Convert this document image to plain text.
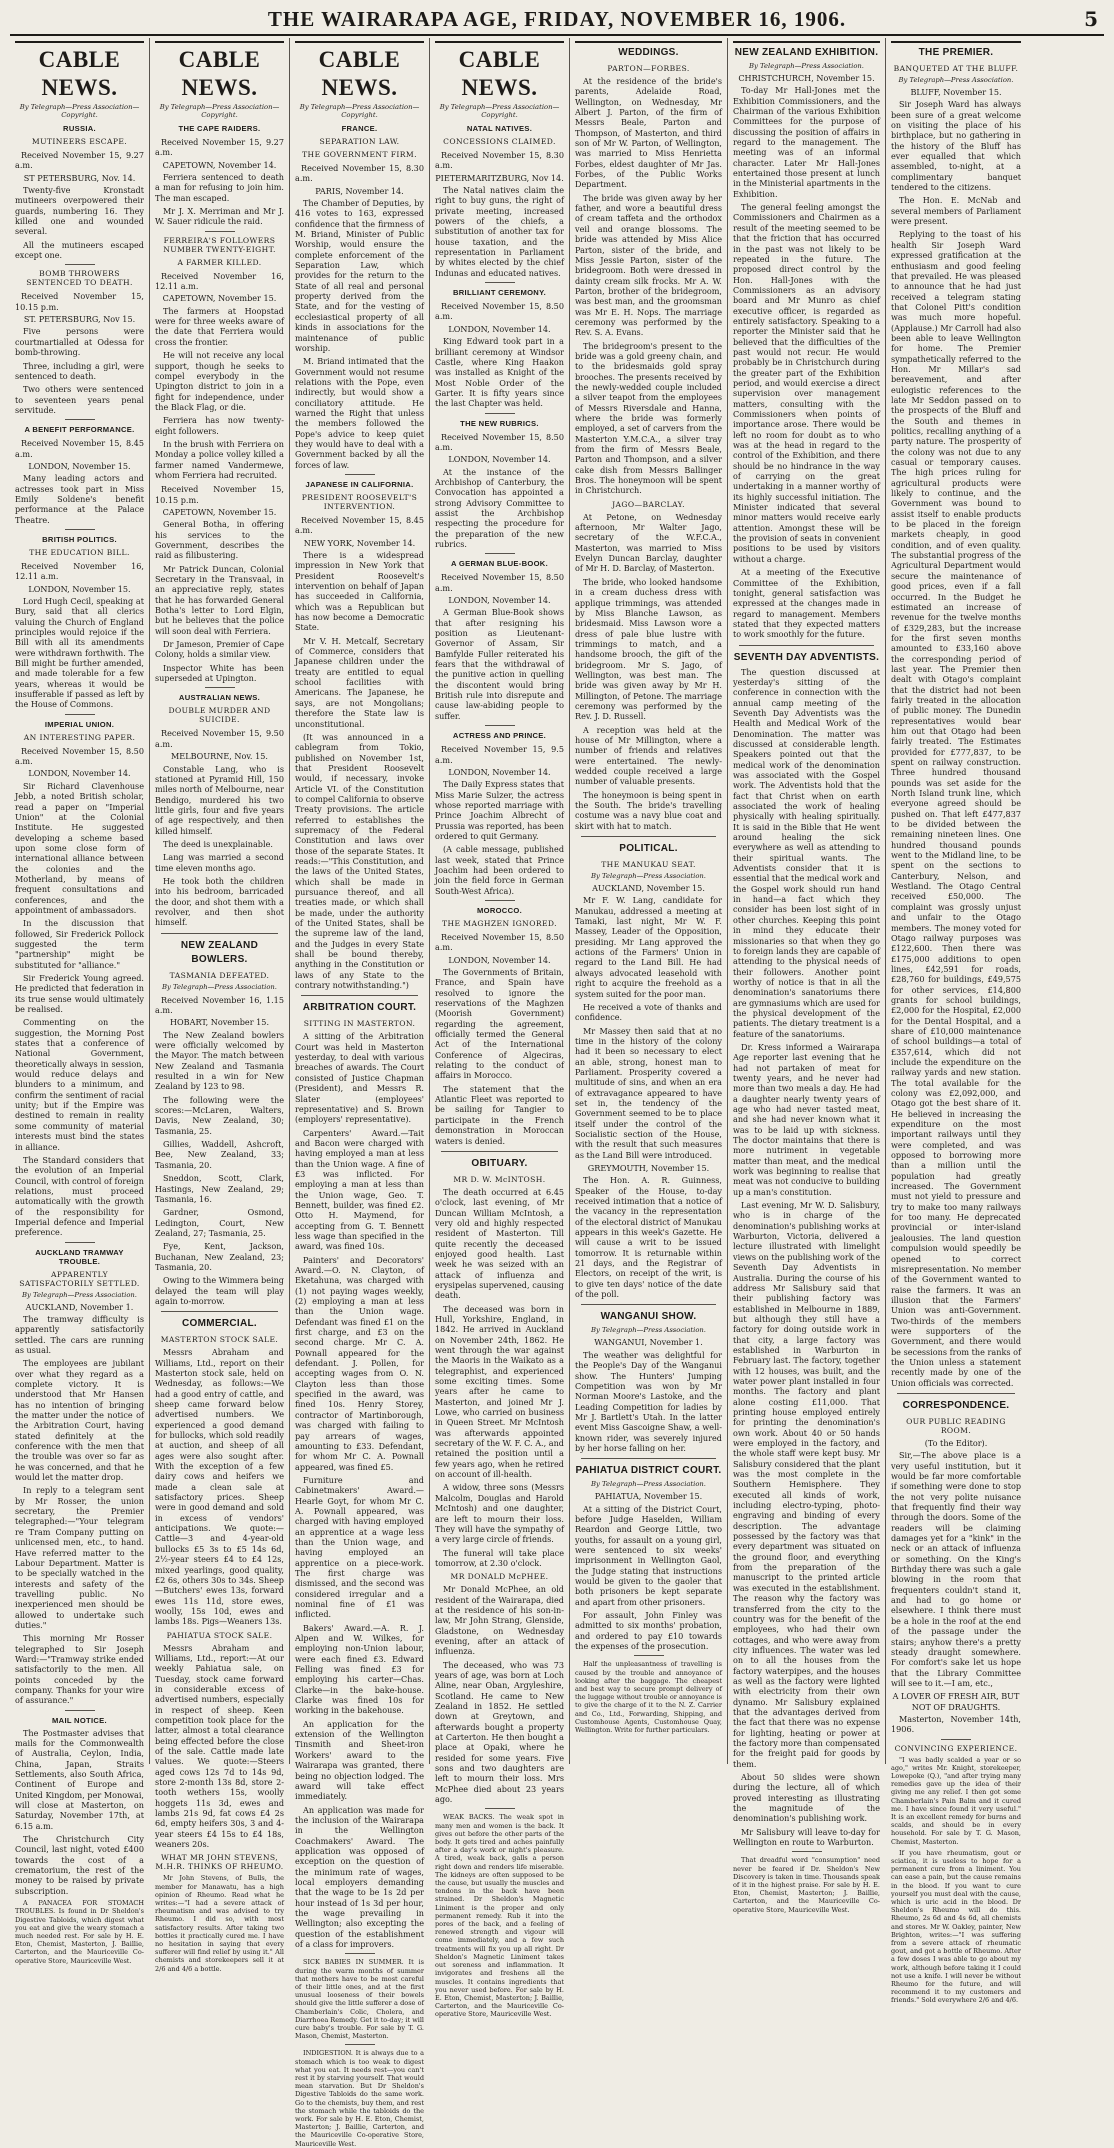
THE WAIRARAPA AGE, FRIDAY, NOVEMBER 16, 1906.	5
CABLE NEWS.
By Telegraph—Press Association—Copyright.
RUSSIA.
MUTINEERS ESCAPE.

Received November 15, 9.27 a.m.

ST PETERSBURG, Nov. 14.

Twenty-five Kronstadt mutineers overpowered their guards, numbering 16. They killed one and wounded several.

All the mutineers escaped except one.

BOMB THROWERS SENTENCED TO DEATH.

Received November 15, 10.15 p.m.

ST. PETERSBURG, Nov 15.

Five persons were courtmartialled at Odessa for bomb-throwing.

Three, including a girl, were sentenced to death.

Two others were sentenced to seventeen years penal servitude.

A BENEFIT PERFORMANCE.

Received November 15, 8.45 a.m.

LONDON, November 15.

Many leading actors and actresses took part in Miss Emily Soldene's benefit performance at the Palace Theatre.

BRITISH POLITICS.
THE EDUCATION BILL.

Received November 16, 12.11 a.m.

LONDON, November 15.

Lord Hugh Cecil, speaking at Bury, said that all clerics valuing the Church of England principles would rejoice if the Bill with all its amendments were withdrawn forthwith. The Bill might be further amended, and made tolerable for a few years, whereas it would be insufferable if passed as left by the House of Commons.

IMPERIAL UNION.
AN INTERESTING PAPER.

Received November 15, 8.50 a.m.

LONDON, November 14.

Sir Richard Clavenhouse Jebb, a noted British scholar, read a paper on "Imperial Union" at the Colonial Institute. He suggested developing a scheme based upon some close form of international alliance between the colonies and the Motherland, by means of frequent consultations and conferences, and the appointment of ambassadors.

In the discussion that followed, Sir Frederick Pollock suggested the term "partnership" might be substituted for "alliance."

Sir Frederick Young agreed. He predicted that federation in its true sense would ultimately be realised.

Commenting on the suggestion, the Morning Post states that a conference of National Government, theoretically always in session, would reduce delays and blunders to a minimum, and confirm the sentiment of racial unity; but if the Empire was destined to remain in reality some community of material interests must bind the states in alliance.

The Standard considers that the evolution of an Imperial Council, with control of foreign relations, must proceed automatically with the growth of the responsibility for Imperial defence and Imperial preference.

AUCKLAND TRAMWAY TROUBLE.
APPARENTLY SATISFACTORILY SETTLED.
By Telegraph—Press Association.

AUCKLAND, November 1.

The tramway difficulty is apparently satisfactorily settled. The cars are running as usual.

The employees are jubilant over what they regard as a complete victory. It is understood that Mr Hansen has no intention of bringing the matter under the notice of the Arbitration Court, having stated definitely at the conference with the men that the trouble was over so far as he was concerned, and that he would let the matter drop.

In reply to a telegram sent by Mr Rosser, the union secretary, the Premier telegraphed:—"Your telegram re Tram Company putting on unlicensed men, etc., to hand. Have referred matter to the Labour Department. Matter is to be specially watched in the interests and safety of the travelling public. No inexperienced men should be allowed to undertake such duties."

This morning Mr Rosser telegraphed to Sir Joseph Ward:—"Tramway strike ended satisfactorily to the men. All points conceded by the company. Thanks for your wire of assurance."

MAIL NOTICE.

The Postmaster advises that mails for the Commonwealth of Australia, Ceylon, India, China, Japan, Straits Settlements, also South Africa, Continent of Europe and United Kingdom, per Monowai, will close at Masterton, on Saturday, November 17th, at 6.15 a.m.

The Christchurch City Council, last night, voted £400 towards the cost of a crematorium, the rest of the money to be raised by private subscription.

A PANACEA FOR STOMACH TROUBLES. Is found in Dr Sheldon's Digestive Tabloids, which digest what you eat and give the weary stomach a much needed rest. For sale by H. E. Eton, Chemist, Masterton, J. Baillie, Carterton, and the Mauriceville Co-operative Store, Mauriceville West.

CABLE NEWS.
By Telegraph—Press Association—Copyright.
THE CAPE RAIDERS.

Received November 15, 9.27 a.m.

CAPETOWN, November 14.

Ferriera sentenced to death a man for refusing to join him. The man escaped.

Mr J. X. Merriman and Mr J. W. Sauer ridicule the raid.

FERREIRA'S FOLLOWERS NUMBER TWENTY-EIGHT.
A FARMER KILLED.

Received November 16, 12.11 a.m.

CAPETOWN, November 15.

The farmers at Hoopstad were for three weeks aware of the date that Ferriera would cross the frontier.

He will not receive any local support, though he seeks to compel everybody in the Upington district to join in a fight for independence, under the Black Flag, or die.

Ferriera has now twenty-eight followers.

In the brush with Ferriera on Monday a police volley killed a farmer named Vandermewe, whom Ferriera had recruited.

Received November 15, 10.15 p.m.

CAPETOWN, November 15.

General Botha, in offering his services to the Government, describes the raid as filibustering.

Mr Patrick Duncan, Colonial Secretary in the Transvaal, in an appreciative reply, states that he has forwarded General Botha's letter to Lord Elgin, but he believes that the police will soon deal with Ferriera.

Dr Jameson, Premier of Cape Colony, holds a similar view.

Inspector White has been superseded at Upington.

AUSTRALIAN NEWS.
DOUBLE MURDER AND SUICIDE.

Received November 15, 9.50 a.m.

MELBOURNE, Nov. 15.

Constable Lang, who is stationed at Pyramid Hill, 150 miles north of Melbourne, near Bendigo, murdered his two little girls, four and five years of age respectively, and then killed himself.

The deed is unexplainable.

Lang was married a second time eleven months ago.

He took both the children into his bedroom, barricaded the door, and shot them with a revolver, and then shot himself.

NEW ZEALAND BOWLERS.
TASMANIA DEFEATED.
By Telegraph—Press Association.

Received November 16, 1.15 a.m.

HOBART, November 15.

The New Zealand bowlers were officially welcomed by the Mayor. The match between New Zealand and Tasmania resulted in a win for New Zealand by 123 to 98.

The following were the scores:—McLaren, Walters, Davis, New Zealand, 30; Tasmania, 25.

Gillies, Waddell, Ashcroft, Bee, New Zealand, 33; Tasmania, 20.

Sneddon, Scott, Clark, Hastings, New Zealand, 29; Tasmania, 16.

Gardner, Osmond, Ledington, Court, New Zealand, 27; Tasmania, 25.

Fye, Kent, Jackson, Buchanan, New Zealand, 23; Tasmania, 20.

Owing to the Wimmera being delayed the team will play again to-morrow.

COMMERCIAL.
MASTERTON STOCK SALE.

Messrs Abraham and Williams, Ltd., report on their Masterton stock sale, held on Wednesday, as follows:—We had a good entry of cattle, and sheep came forward below advertised numbers. We experienced a good demand for bullocks, which sold readily at auction, and sheep of all ages were also sought after. With the exception of a few dairy cows and heifers we made a clean sale at satisfactory prices. Sheep were in good demand and sold in excess of vendors' anticipations. We quote:—Cattle—3 and 4-year-old bullocks £5 3s to £5 14s 6d, 2½-year steers £4 to £4 12s, mixed yearlings, good quality, £2 6s, others 30s to 34s. Sheep—Butchers' ewes 13s, forward ewes 11s 11d, store ewes, woolly, 15s 10d, ewes and lambs 18s. Pigs—Weaners 13s.

PAHIATUA STOCK SALE.

Messrs Abraham and Williams, Ltd., report:—At our weekly Pahiatua sale, on Tuesday, stock came forward in considerable excess of advertised numbers, especially in respect of sheep. Keen competition took place for the latter, almost a total clearance being effected before the close of the sale. Cattle made late values. We quote:—Steers aged cows 12s 7d to 14s 9d, store 2-month 13s 8d, store 2-tooth wethers 15s, woolly hoggets 11s 3d, ewes and lambs 21s 9d, fat cows £4 2s 6d, empty heifers 30s, 3 and 4-year steers £4 15s to £4 18s, weaners 20s.

WHAT MR JOHN STEVENS, M.H.R. THINKS OF RHEUMO.

Mr John Stevens, of Bulls, the member for Manawatu, has a high opinion of Rheumo. Read what he writes:—"I had a severe attack of rheumatism and was advised to try Rheumo. I did so, with most satisfactory results. After taking two bottles it practically cured me. I have no hesitation in saying that every sufferer will find relief by using it." All chemists and storekeepers sell it at 2/6 and 4/6 a bottle.

CABLE NEWS.
By Telegraph—Press Association—Copyright.
FRANCE.
SEPARATION LAW.
THE GOVERNMENT FIRM.

Received November 15, 8.30 a.m.

PARIS, November 14.

The Chamber of Deputies, by 416 votes to 163, expressed confidence that the firmness of M. Briand, Minister of Public Worship, would ensure the complete enforcement of the Separation Law, which provides for the return to the State of all real and personal property derived from the State, and for the vesting of ecclesiastical property of all kinds in associations for the maintenance of public worship.

M. Briand intimated that the Government would not resume relations with the Pope, even indirectly, but would show a conciliatory attitude. He warned the Right that unless the members followed the Pope's advice to keep quiet they would have to deal with a Government backed by all the forces of law.

JAPANESE IN CALIFORNIA.
PRESIDENT ROOSEVELT'S INTERVENTION.

Received November 15, 8.45 a.m.

NEW YORK, November 14.

There is a widespread impression in New York that President Roosevelt's intervention on behalf of Japan has succeeded in California, which was a Republican but has now become a Democratic State.

Mr V. H. Metcalf, Secretary of Commerce, considers that Japanese children under the treaty are entitled to equal school facilities with Americans. The Japanese, he says, are not Mongolians; therefore the State law is unconstitutional.

(It was announced in a cablegram from Tokio, published on November 1st, that President Roosevelt would, if necessary, invoke Article VI. of the Constitution to compel California to observe Treaty provisions. The article referred to establishes the supremacy of the Federal Constitution and laws over those of the separate States. It reads:—"This Constitution, and the laws of the United States, which shall be made in pursuance thereof, and all treaties made, or which shall be made, under the authority of the United States, shall be the supreme law of the land, and the Judges in every State shall be bound thereby, anything in the Constitution or laws of any State to the contrary notwithstanding.")

ARBITRATION COURT.
SITTING IN MASTERTON.

A sitting of the Arbitration Court was held in Masterton yesterday, to deal with various breaches of awards. The Court consisted of Justice Chapman (President), and Messrs R. Slater (employees' representative) and S. Brown (employers' representative).

Carpenters' Award.—Tait and Bacon were charged with having employed a man at less than the Union wage. A fine of £3 was inflicted. For employing a man at less than the Union wage, Geo. T. Bennett, builder, was fined £2. Otto H. Maymend, for accepting from G. T. Bennett less wage than specified in the award, was fined 10s.

Painters' and Decorators' Award.—O. N. Clayton, of Eketahuna, was charged with (1) not paying wages weekly, (2) employing a man at less than the Union wage. Defendant was fined £1 on the first charge, and £3 on the second charge. Mr C. A. Pownall appeared for the defendant. J. Pollen, for accepting wages from O. N. Clayton less than those specified in the award, was fined 10s. Henry Storey, contractor of Martinborough, was charged with failing to pay arrears of wages, amounting to £33. Defendant, for whom Mr C. A. Pownall appeared, was fined £5.

Furniture and Cabinetmakers' Award.—Hearle Goyt, for whom Mr C. A. Pownall appeared, was charged with having employed an apprentice at a wage less than the Union wage, and having employed an apprentice on a piece-work. The first charge was dismissed, and the second was considered irregular and a nominal fine of £1 was inflicted.

Bakers' Award.—A. R. J. Alpen and W. Wilkes, for employing non-Union labour, were each fined £3. Edward Felling was fined £3 for employing his carter—Chas. Clarke—in the bake-house. Clarke was fined 10s for working in the bakehouse.

An application for the extension of the Wellington Tinsmith and Sheet-iron Workers' award to the Wairarapa was granted, there being no objection lodged. The award will take effect immediately.

An application was made for the inclusion of the Wairarapa in the Wellington Coachmakers' Award. The application was opposed of exception on the question of the minimum rate of wages, local employers demanding that the wage to be 1s 2d per hour instead of 1s 3d per hour, the wage prevailing in Wellington; also excepting the question of the establishment of a class for improvers.

SICK BABIES IN SUMMER. It is during the warm months of summer that mothers have to be most careful of their little ones, and at the first unusual looseness of their bowels should give the little sufferer a dose of Chamberlain's Colic, Cholera, and Diarrhoea Remedy. Get it to-day; it will cure baby's trouble. For sale by T. G. Mason, Chemist, Masterton.

INDIGESTION. It is always due to a stomach which is too weak to digest what you eat. It needs rest—you can't rest it by starving yourself. That would mean starvation. But Dr Sheldon's Digestive Tabloids do the same work. Go to the chemists, buy them, and rest the stomach while the tabloids do the work. For sale by H. E. Eton, Chemist, Masterton; J. Baillie, Carterton, and the Mauriceville Co-operative Store, Mauriceville West.

CABLE NEWS.
By Telegraph—Press Association—Copyright.
NATAL NATIVES.
CONCESSIONS CLAIMED.

Received November 15, 8.30 a.m.

PIETERMARITZBURG, Nov 14.

The Natal natives claim the right to buy guns, the right of private meeting, increased powers of the chiefs, a substitution of another tax for house taxation, and the representation in Parliament by whites elected by the chief Indunas and educated natives.

BRILLIANT CEREMONY.

Received November 15, 8.50 a.m.

LONDON, November 14.

King Edward took part in a brilliant ceremony at Windsor Castle, where King Haakon was installed as Knight of the Most Noble Order of the Garter. It is fifty years since the last Chapter was held.

THE NEW RUBRICS.

Received November 15, 8.50 a.m.

LONDON, November 14.

At the instance of the Archbishop of Canterbury, the Convocation has appointed a strong Advisory Committee to assist the Archbishop respecting the procedure for the preparation of the new rubrics.

A GERMAN BLUE-BOOK.

Received November 15, 8.50 a.m.

LONDON, November 14.

A German Blue-Book shows that after resigning his position as Lieutenant-Governor of Assam, Sir Bamfylde Fuller reiterated his fears that the withdrawal of the punitive action in quelling the discontent would bring British rule into disrepute and cause law-abiding people to suffer.

ACTRESS AND PRINCE.

Received November 15, 9.5 a.m.

LONDON, November 14.

The Daily Express states that Miss Marie Sulzer, the actress whose reported marriage with Prince Joachim Albrecht of Prussia was reported, has been ordered to quit Germany.

(A cable message, published last week, stated that Prince Joachim had been ordered to join the field force in German South-West Africa).

MOROCCO.
THE MAGHZEN IGNORED.

Received November 15, 8.50 a.m.

LONDON, November 14.

The Governments of Britain, France, and Spain have resolved to ignore the reservations of the Maghzen (Moorish Government) regarding the agreement, officially termed the General Act of the International Conference of Algeciras, relating to the conduct of affairs in Morocco.

The statement that the Atlantic Fleet was reported to be sailing for Tangier to participate in the French demonstration in Moroccan waters is denied.

OBITUARY.
MR D. W. McINTOSH.

The death occurred at 6.45 o'clock, last evening, of Mr Duncan William McIntosh, a very old and highly respected resident of Masterton. Till quite recently the deceased enjoyed good health. Last week he was seized with an attack of influenza and erysipelas supervened, causing death.

The deceased was born in Hull, Yorkshire, England, in 1842. He arrived in Auckland on November 24th, 1862. He went through the war against the Maoris in the Waikato as a telegraphist, and experienced some exciting times. Some years after he came to Masterton, and joined Mr J. Lowe, who carried on business in Queen Street. Mr McIntosh was afterwards appointed secretary of the W. F. C. A., and retained the position until a few years ago, when he retired on account of ill-health.

A widow, three sons (Messrs Malcolm, Douglas and Harold McIntosh) and one daughter, are left to mourn their loss. They will have the sympathy of a very large circle of friends.

The funeral will take place tomorrow, at 2.30 o'clock.

MR DONALD McPHEE.

Mr Donald McPhee, an old resident of the Wairarapa, died at the residence of his son-in-law, Mr John Strang, Glenside, Gladstone, on Wednesday evening, after an attack of influenza.

The deceased, who was 73 years of age, was born at Loch Aline, near Oban, Argyleshire, Scotland. He came to New Zealand in 1852. He settled down at Greytown, and afterwards bought a property at Carterton. He then bought a place at Opaki, where he resided for some years. Five sons and two daughters are left to mourn their loss. Mrs McPhee died about 23 years ago.

WEAK BACKS. The weak spot in many men and women is the back. It gives out before the other parts of the body. It gets tired and aches painfully after a day's work or night's pleasure. A tired, weak back, galls a person right down and renders life miserable. The kidneys are often supposed to be the cause, but usually the muscles and tendons in the back have been strained. Dr Sheldon's Magnetic Liniment is the proper and only permanent remedy. Rub it into the pores of the back, and a feeling of renewed strength and vigour will come immediately, and a few such treatments will fix you up all right. Dr Sheldon's Magnetic Liniment takes out soreness and inflammation. It invigorates and freshens all the muscles. It contains ingredients that you never used before. For sale by H. E. Eton, Chemist, Masterton; J. Baillie, Carterton, and the Mauriceville Co-operative Store, Mauriceville West.

WEDDINGS.
PARTON—FORBES.

At the residence of the bride's parents, Adelaide Road, Wellington, on Wednesday, Mr Albert J. Parton, of the firm of Messrs Beale, Parton and Thompson, of Masterton, and third son of Mr W. Parton, of Wellington, was married to Miss Henrietta Forbes, eldest daughter of Mr Jas. Forbes, of the Public Works Department.

The bride was given away by her father, and wore a beautiful dress of cream taffeta and the orthodox veil and orange blossoms. The bride was attended by Miss Alice Parton, sister of the bride, and Miss Jessie Parton, sister of the bridegroom. Both were dressed in dainty cream silk frocks. Mr A. W. Parton, brother of the bridegroom, was best man, and the groomsman was Mr E. H. Nops. The marriage ceremony was performed by the Rev. S. A. Evans.

The bridegroom's present to the bride was a gold greeny chain, and to the bridesmaids gold spray brooches. The presents received by the newly-wedded couple included a silver teapot from the employees of Messrs Riversdale and Hanna, where the bride was formerly employed, a set of carvers from the Masterton Y.M.C.A., a silver tray from the firm of Messrs Beale, Parton and Thompson, and a silver cake dish from Messrs Ballinger Bros. The honeymoon will be spent in Christchurch.

JAGO—BARCLAY.

At Petone, on Wednesday afternoon, Mr Walter Jago, secretary of the W.F.C.A., Masterton, was married to Miss Evelyn Duncan Barclay, daughter of Mr H. D. Barclay, of Masterton.

The bride, who looked handsome in a cream duchess dress with applique trimmings, was attended by Miss Blanche Lawson, as bridesmaid. Miss Lawson wore a dress of pale blue lustre with trimmings to match, and a handsome brooch, the gift of the bridegroom. Mr S. Jago, of Wellington, was best man. The bride was given away by Mr H. Millington, of Petone. The marriage ceremony was performed by the Rev. J. D. Russell.

A reception was held at the house of Mr Millington, where a number of friends and relatives were entertained. The newly-wedded couple received a large number of valuable presents.

The honeymoon is being spent in the South. The bride's travelling costume was a navy blue coat and skirt with hat to match.

POLITICAL.
THE MANUKAU SEAT.
By Telegraph—Press Association.

AUCKLAND, November 15.

Mr F. W. Lang, candidate for Manukau, addressed a meeting at Tamaki, last night, Mr W. F. Massey, Leader of the Opposition, presiding. Mr Lang approved the actions of the Farmers' Union in regard to the Land Bill. He had always advocated leasehold with right to acquire the freehold as a system suited for the poor man.

He received a vote of thanks and confidence.

Mr Massey then said that at no time in the history of the colony had it been so necessary to elect an able, strong, honest man to Parliament. Prosperity covered a multitude of sins, and when an era of extravagance appeared to have set in, the tendency of the Government seemed to be to place itself under the control of the Socialistic section of the House, with the result that such measures as the Land Bill were introduced.

GREYMOUTH, November 15.

The Hon. A. R. Guinness, Speaker of the House, to-day received intimation that a notice of the vacancy in the representation of the electoral district of Manukau appears in this week's Gazette. He will cause a writ to be issued tomorrow. It is returnable within 21 days, and the Registrar of Electors, on receipt of the writ, is to give ten days' notice of the date of the poll.

WANGANUI SHOW.
By Telegraph—Press Association.

WANGANUI, November 1.

The weather was delightful for the People's Day of the Wanganui show. The Hunters' Jumping Competition was won by Mr Norman Moore's Lastoke, and the Leading Competition for ladies by Mr J. Bartlett's Utah. In the latter event Miss Gascoigne Shaw, a well-known rider, was severely injured by her horse falling on her.

PAHIATUA DISTRICT COURT.
By Telegraph—Press Association.

PAHIATUA, November 15.

At a sitting of the District Court, before Judge Haselden, William Reardon and George Little, two youths, for assault on a young girl, were sentenced to six weeks' imprisonment in Wellington Gaol, the Judge stating that instructions would be given to the gaoler that both prisoners be kept separate and apart from other prisoners.

For assault, John Finley was admitted to six months' probation, and ordered to pay £10 towards the expenses of the prosecution.

Half the unpleasantness of travelling is caused by the trouble and annoyance of looking after the baggage. The cheapest and best way to secure prompt delivery of the luggage without trouble or annoyance is to give the charge of it to the N. Z. Carrier and Co., Ltd., Forwarding, Shipping, and Customhouse Agents, Customhouse Quay, Wellington. Write for further particulars.

NEW ZEALAND EXHIBITION.
By Telegraph—Press Association.

CHRISTCHURCH, November 15.

To-day Mr Hall-Jones met the Exhibition Commissioners, and the Chairman of the various Exhibition Committees for the purpose of discussing the position of affairs in regard to the management. The meeting was of an informal character. Later Mr Hall-Jones entertained those present at lunch in the Ministerial apartments in the Exhibition.

The general feeling amongst the Commissioners and Chairmen as a result of the meeting seemed to be that the friction that has occurred in the past was not likely to be repeated in the future. The proposed direct control by the Hon. Hall-Jones with the Commissioners as an advisory board and Mr Munro as chief executive officer, is regarded as entirely satisfactory. Speaking to a reporter the Minister said that he believed that the difficulties of the past would not recur. He would probably be in Christchurch during the greater part of the Exhibition period, and would exercise a direct supervision over management matters, consulting with the Commissioners when points of importance arose. There would be left no room for doubt as to who was at the head in regard to the control of the Exhibition, and there should be no hindrance in the way of carrying on the great undertaking in a manner worthy of its highly successful initiation. The Minister indicated that several minor matters would receive early attention. Amongst these will be the provision of seats in convenient positions to be used by visitors without a charge.

At a meeting of the Executive Committee of the Exhibition, tonight, general satisfaction was expressed at the changes made in regard to management. Members stated that they expected matters to work smoothly for the future.

SEVENTH DAY ADVENTISTS.

The question discussed at yesterday's sitting of the conference in connection with the annual camp meeting of the Seventh Day Adventists was the Health and Medical Work of the Denomination. The matter was discussed at considerable length. Speakers pointed out that the medical work of the denomination was associated with the Gospel work. The Adventists hold that the fact that Christ when on earth associated the work of healing physically with healing spiritually. It is said in the Bible that He went around healing the sick everywhere as well as attending to their spiritual wants. The Adventists consider that it is essential that the medical work and the Gospel work should run hand in hand—a fact which they consider has been lost sight of in other churches. Keeping this point in mind they educate their missionaries so that when they go to foreign lands they are capable of attending to the physical needs of their followers. Another point worthy of notice is that in all the denomination's sanatoriums there are gymnasiums which are used for the physical development of the patients. The dietary treatment is a feature of the sanatoriums.

Dr. Kress informed a Wairarapa Age reporter last evening that he had not partaken of meat for twenty years, and he never had more than two meals a day. He had a daughter nearly twenty years of age who had never tasted meat, and she had never known what it was to be laid up with sickness. The doctor maintains that there is more nutriment in vegetable matter than meat, and the medical work was beginning to realise that meat was not conducive to building up a man's constitution.

Last evening, Mr W. D. Salisbury, who is in charge of the denomination's publishing works at Warburton, Victoria, delivered a lecture illustrated with limelight views on the publishing work of the Seventh Day Adventists in Australia. During the course of his address Mr Salisbury said that their publishing factory was established in Melbourne in 1889, but although they still have a factory for doing outside work in that city, a large factory was established in Warburton in February last. The factory, together with 12 houses, was built, and the water power plant installed in four months. The factory and plant alone costing £11,000. That printing house employed entirely for printing the denomination's own work. About 40 or 50 hands were employed in the factory, and the whole staff were kept busy. Mr Salisbury considered that the plant was the most complete in the Southern Hemisphere. They executed all kinds of work, including electro-typing, photo-engraving and binding of every description. The advantage possessed by the factory was that every department was situated on the ground floor, and everything from the preparation of the manuscript to the printed article was executed in the establishment. The reason why the factory was transferred from the city to the country was for the benefit of the employees, who had their own cottages, and who were away from city influences. The water was led on to all the houses from the factory waterpipes, and the houses as well as the factory were lighted with electricity from their own dynamo. Mr Salisbury explained that the advantages derived from the fact that there was no expense for lighting, heating or power at the factory more than compensated for the freight paid for goods by them.

About 50 slides were shown during the lecture, all of which proved interesting as illustrating the magnitude of the denomination's publishing work.

Mr Salisbury will leave to-day for Wellington en route to Warburton.

That dreadful word "consumption" need never be feared if Dr. Sheldon's New Discovery is taken in time. Thousands speak of it in the highest praise. For sale by H. E. Eton, Chemist, Masterton; J. Baillie, Carterton, and the Mauriceville Co-operative Store, Mauriceville West.

THE PREMIER.
BANQUETED AT THE BLUFF.
By Telegraph—Press Association.

BLUFF, November 15.

Sir Joseph Ward has always been sure of a great welcome on visiting the place of his birthplace, but no gathering in the history of the Bluff has ever equalled that which assembled, to-night, at a complimentary banquet tendered to the citizens.

The Hon. E. McNab and several members of Parliament were present.

Replying to the toast of his health Sir Joseph Ward expressed gratification at the enthusiasm and good feeling that prevailed. He was pleased to announce that he had just received a telegram stating that Colonel Pitt's condition was much more hopeful. (Applause.) Mr Carroll had also been able to leave Wellington for home. The Premier sympathetically referred to the Hon. Mr Millar's sad bereavement, and after eulogistic references to the late Mr Seddon passed on to the prospects of the Bluff and the South and themes in politics, recalling anything of a party nature. The prosperity of the colony was not due to any casual or temporary causes. The high prices ruling for agricultural products were likely to continue, and the Government was bound to assist itself to enable products to be placed in the foreign markets cheaply, in good condition, and of even quality. The substantial progress of the Agricultural Department would secure the maintenance of good prices, even if a fall occurred. In the Budget he estimated an increase of revenue for the twelve months of £329,283, but the increase for the first seven months amounted to £33,160 above the corresponding period of last year. The Premier then dealt with Otago's complaint that the district had not been fairly treated in the allocation of public money. The Dunedin representatives would bear him out that Otago had been fairly treated. The Estimates provided for £777,837, to be spent on railway construction. Three hundred thousand pounds was set aside for the North Island trunk line, which everyone agreed should be pushed on. That left £477,837 to be divided between the remaining nineteen lines. One hundred thousand pounds went to the Midland line, to be spent on the sections to Canterbury, Nelson, and Westland. The Otago Central received £50,000. The complaint was grossly unjust and unfair to the Otago members. The money voted for Otago railway purposes was £122,600. Then there was £175,000 additions to open lines, £42,591 for roads, £28,760 for buildings, £49,575 for other services, £14,800 grants for school buildings, £2,000 for the Hospital, £2,000 for the Dental Hospital, and a share of £10,000 maintenance of school buildings—a total of £357,614, which did not include the expenditure on the railway yards and new station. The total available for the colony was £2,092,000, and Otago got the best share of it. He believed in increasing the expenditure on the most important railways until they were completed, and was opposed to borrowing more than a million until the population had greatly increased. The Government must not yield to pressure and try to make too many railways for too many. He deprecated provincial or inter-island jealousies. The land question compulsion would speedily be opened to correct misrepresentation. No member of the Government wanted to raise the farmers. It was an illusion that the Farmers' Union was anti-Government. Two-thirds of the members were supporters of the Government, and there would be secessions from the ranks of the Union unless a statement recently made by one of the Union officials was corrected.

CORRESPONDENCE.
OUR PUBLIC READING ROOM.

(To the Editor).

Sir,—The above place is a very useful institution, but it would be far more comfortable if something were done to stop the not very polite nuisance that frequently find their way through the doors. Some of the readers will be claiming damages yet for a "kink" in the neck or an attack of influenza or something. On the King's Birthday there was such a gale blowing in the room that frequenters couldn't stand it, and had to go home or elsewhere. I think there must be a hole in the roof at the end of the passage under the stairs; anyhow there's a pretty steady draught somewhere. For comfort's sake let us hope that the Library Committee will see to it.—I am, etc.,

A LOVER OF FRESH AIR, BUT NOT OF DRAUGHTS.

Masterton, November 14th, 1906.

CONVINCING EXPERIENCE.

"I was badly scalded a year or so ago," writes Mr. Knight, storekeeper, Lowepoke (Q.), "and after trying many remedies gave up the idea of their giving me any relief. I then got some Chamberlain's Pain Balm and it cured me. I have since found it very useful." It is an excellent remedy for burns and scalds, and should be in every household. For sale by T. G. Mason, Chemist, Masterton.

If you have rheumatism, gout or sciatica, it is useless to hope for a permanent cure from a liniment. You can ease a pain, but the cause remains in the blood. If you want to cure yourself you must deal with the cause, which is uric acid in the blood. Dr Sheldon's Rheumo will do this. Rheumo, 2s 6d and 4s 6d, all chemists and stores. Mr W. Oakley, painter, New Brighton, writes:—"I was suffering from a severe attack of rheumatic gout, and got a bottle of Rheumo. After a few doses I was able to go about my work, although before taking it I could not use a knife. I will never be without Rheumo for the future, and will recommend it to my customers and friends." Sold everywhere 2/6 and 4/6.
